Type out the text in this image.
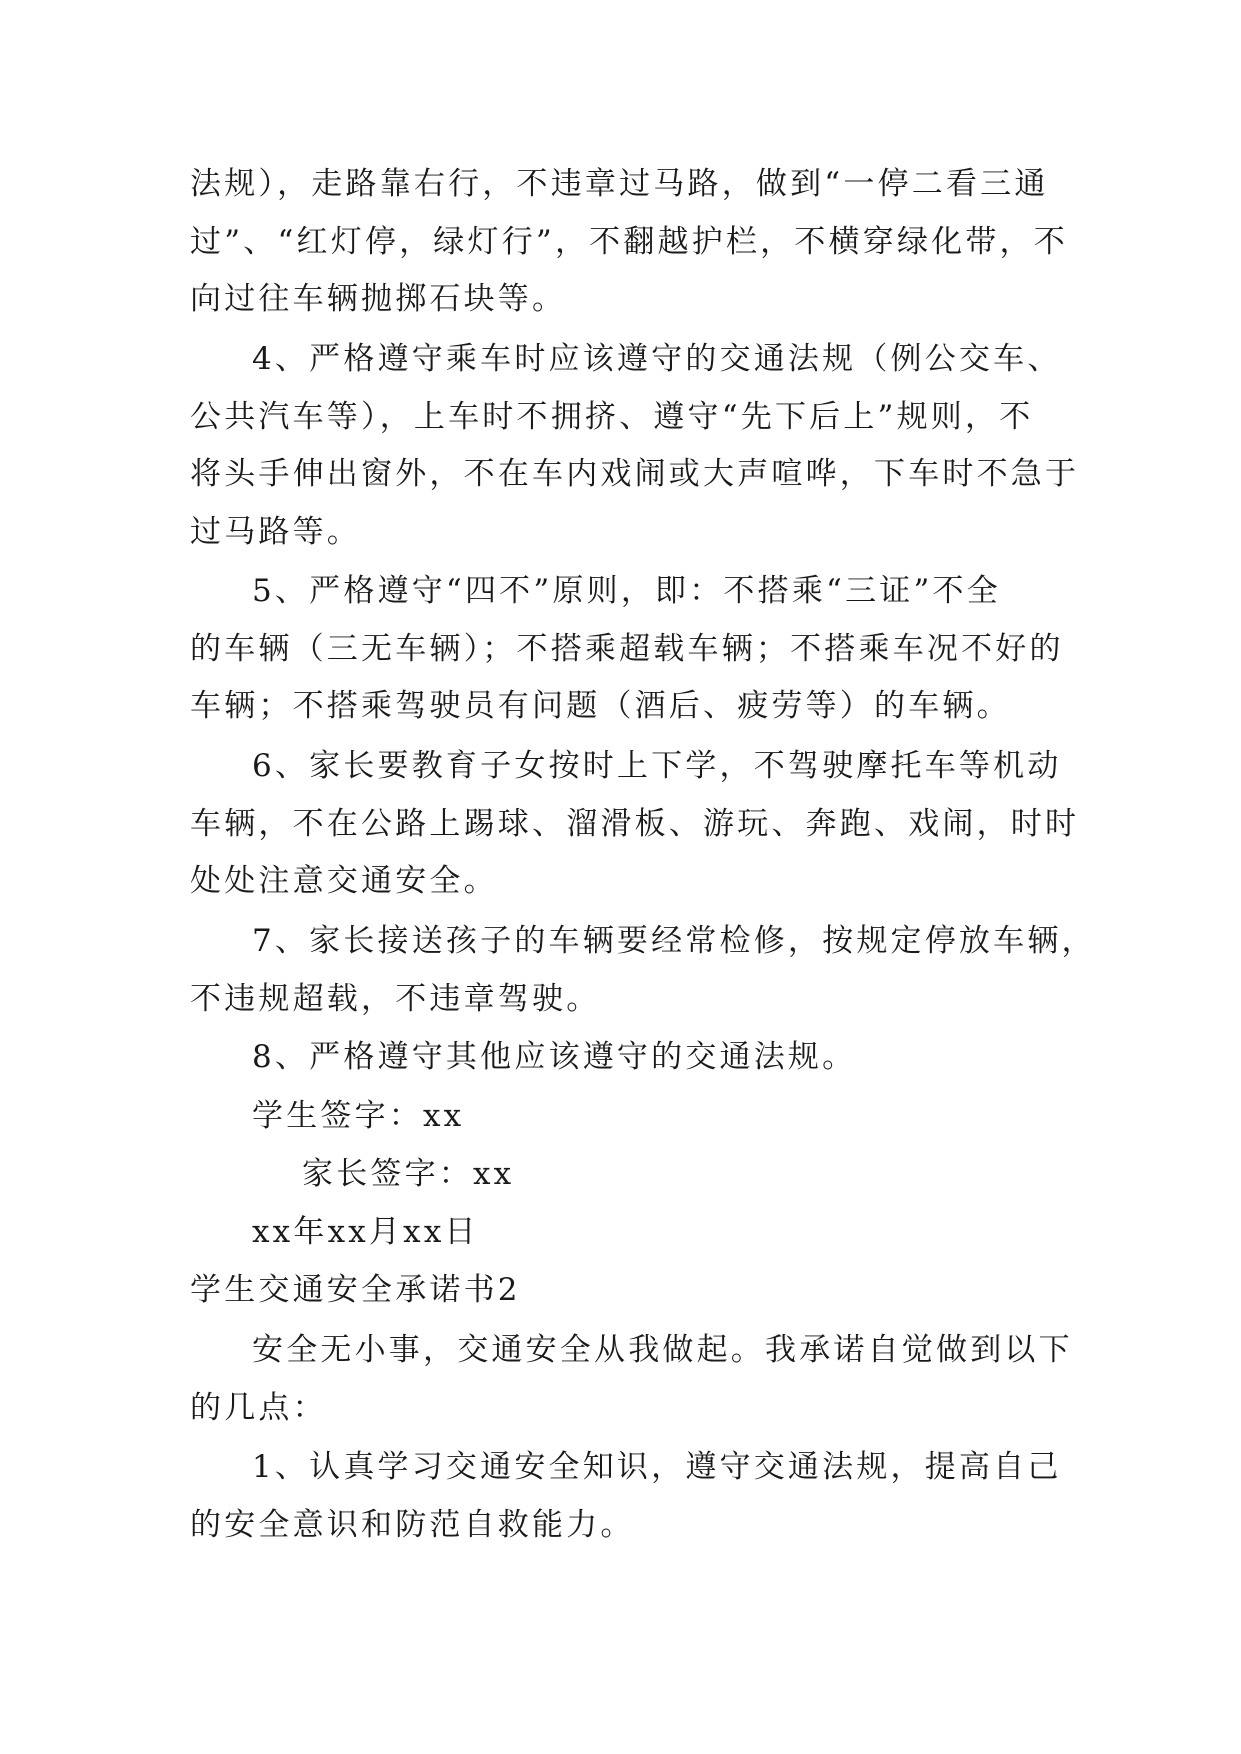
法规），走路靠右行，不违章过马路，做到“一停二看三通
过”、“红灯停，绿灯行”，不翻越护栏，不横穿绿化带，不
向过往车辆抛掷石块等。
4、严格遵守乘车时应该遵守的交通法规（例公交车、
公共汽车等），上车时不拥挤、遵守“先下后上”规则，不
将头手伸出窗外，不在车内戏闹或大声喧哗，下车时不急于
过马路等。
5、严格遵守“四不”原则，即：不搭乘“三证”不全
的车辆（三无车辆）；不搭乘超载车辆；不搭乘车况不好的
车辆；不搭乘驾驶员有问题（酒后、疲劳等）的车辆。
6、家长要教育子女按时上下学，不驾驶摩托车等机动
车辆，不在公路上踢球、溜滑板、游玩、奔跑、戏闹，时时
处处注意交通安全。
7、家长接送孩子的车辆要经常检修，按规定停放车辆，
不违规超载，不违章驾驶。
8、严格遵守其他应该遵守的交通法规。
学生签字：xx
家长签字：xx
xx年xx月xx日
学生交通安全承诺书2
安全无小事，交通安全从我做起。我承诺自觉做到以下
的几点：
1、认真学习交通安全知识，遵守交通法规，提高自己
的安全意识和防范自救能力。
